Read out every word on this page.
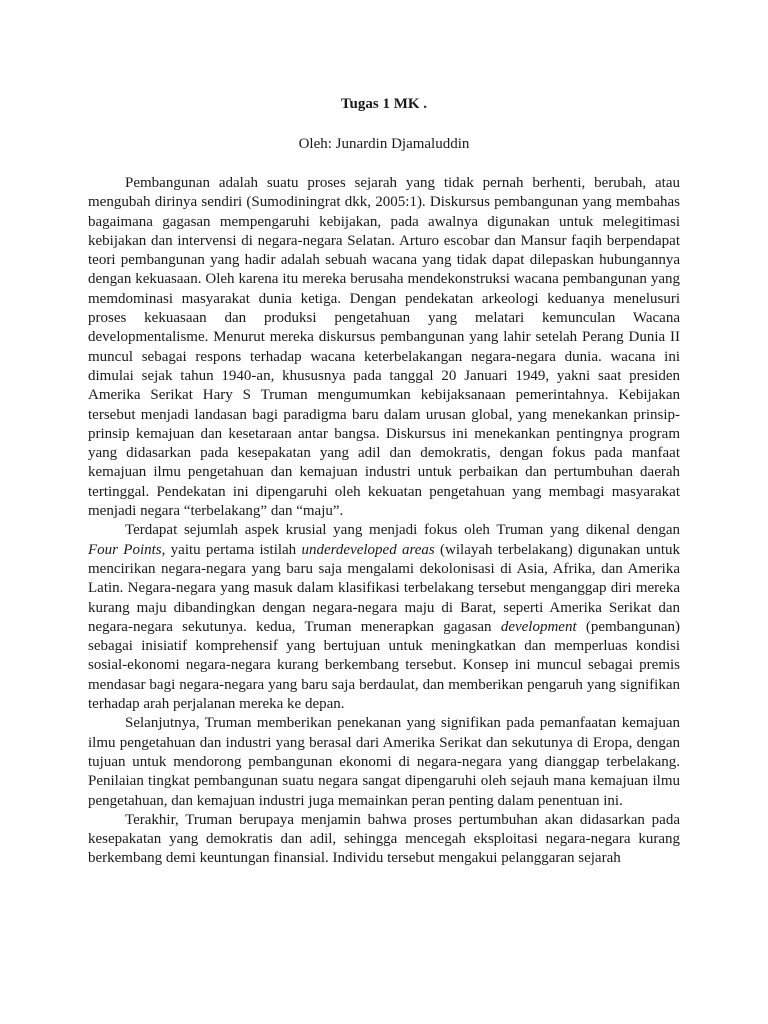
Tugas 1 MK .

Oleh: Junardin Djamaluddin

Pembangunan adalah suatu proses sejarah yang tidak pernah berhenti, berubah, atau mengubah dirinya sendiri (Sumodiningrat dkk, 2005:1). Diskursus pembangunan yang membahas bagaimana gagasan mempengaruhi kebijakan, pada awalnya digunakan untuk melegitimasi kebijakan dan intervensi di negara-negara Selatan. Arturo escobar dan Mansur faqih berpendapat teori pembangunan yang hadir adalah sebuah wacana yang tidak dapat dilepaskan hubungannya dengan kekuasaan. Oleh karena itu mereka berusaha mendekonstruksi wacana pembangunan yang memdominasi masyarakat dunia ketiga. Dengan pendekatan arkeologi keduanya menelusuri proses kekuasaan dan produksi pengetahuan yang melatari kemunculan Wacana developmentalisme. Menurut mereka diskursus pembangunan yang lahir setelah Perang Dunia II muncul sebagai respons terhadap wacana keterbelakangan negara-negara dunia. wacana ini dimulai sejak tahun 1940-an, khususnya pada tanggal 20 Januari 1949, yakni saat presiden Amerika Serikat Hary S Truman mengumumkan kebijaksanaan pemerintahnya. Kebijakan tersebut menjadi landasan bagi paradigma baru dalam urusan global, yang menekankan prinsip-prinsip kemajuan dan kesetaraan antar bangsa. Diskursus ini menekankan pentingnya program yang didasarkan pada kesepakatan yang adil dan demokratis, dengan fokus pada manfaat kemajuan ilmu pengetahuan dan kemajuan industri untuk perbaikan dan pertumbuhan daerah tertinggal. Pendekatan ini dipengaruhi oleh kekuatan pengetahuan yang membagi masyarakat menjadi negara “terbelakang” dan “maju”.

Terdapat sejumlah aspek krusial yang menjadi fokus oleh Truman yang dikenal dengan Four Points, yaitu pertama istilah underdeveloped areas (wilayah terbelakang) digunakan untuk mencirikan negara-negara yang baru saja mengalami dekolonisasi di Asia, Afrika, dan Amerika Latin. Negara-negara yang masuk dalam klasifikasi terbelakang tersebut menganggap diri mereka kurang maju dibandingkan dengan negara-negara maju di Barat, seperti Amerika Serikat dan negara-negara sekutunya. kedua, Truman menerapkan gagasan development (pembangunan) sebagai inisiatif komprehensif yang bertujuan untuk meningkatkan dan memperluas kondisi sosial-ekonomi negara-negara kurang berkembang tersebut. Konsep ini muncul sebagai premis mendasar bagi negara-negara yang baru saja berdaulat, dan memberikan pengaruh yang signifikan terhadap arah perjalanan mereka ke depan.

Selanjutnya, Truman memberikan penekanan yang signifikan pada pemanfaatan kemajuan ilmu pengetahuan dan industri yang berasal dari Amerika Serikat dan sekutunya di Eropa, dengan tujuan untuk mendorong pembangunan ekonomi di negara-negara yang dianggap terbelakang. Penilaian tingkat pembangunan suatu negara sangat dipengaruhi oleh sejauh mana kemajuan ilmu pengetahuan, dan kemajuan industri juga memainkan peran penting dalam penentuan ini.

Terakhir, Truman berupaya menjamin bahwa proses pertumbuhan akan didasarkan pada kesepakatan yang demokratis dan adil, sehingga mencegah eksploitasi negara-negara kurang berkembang demi keuntungan finansial. Individu tersebut mengakui pelanggaran sejarah
